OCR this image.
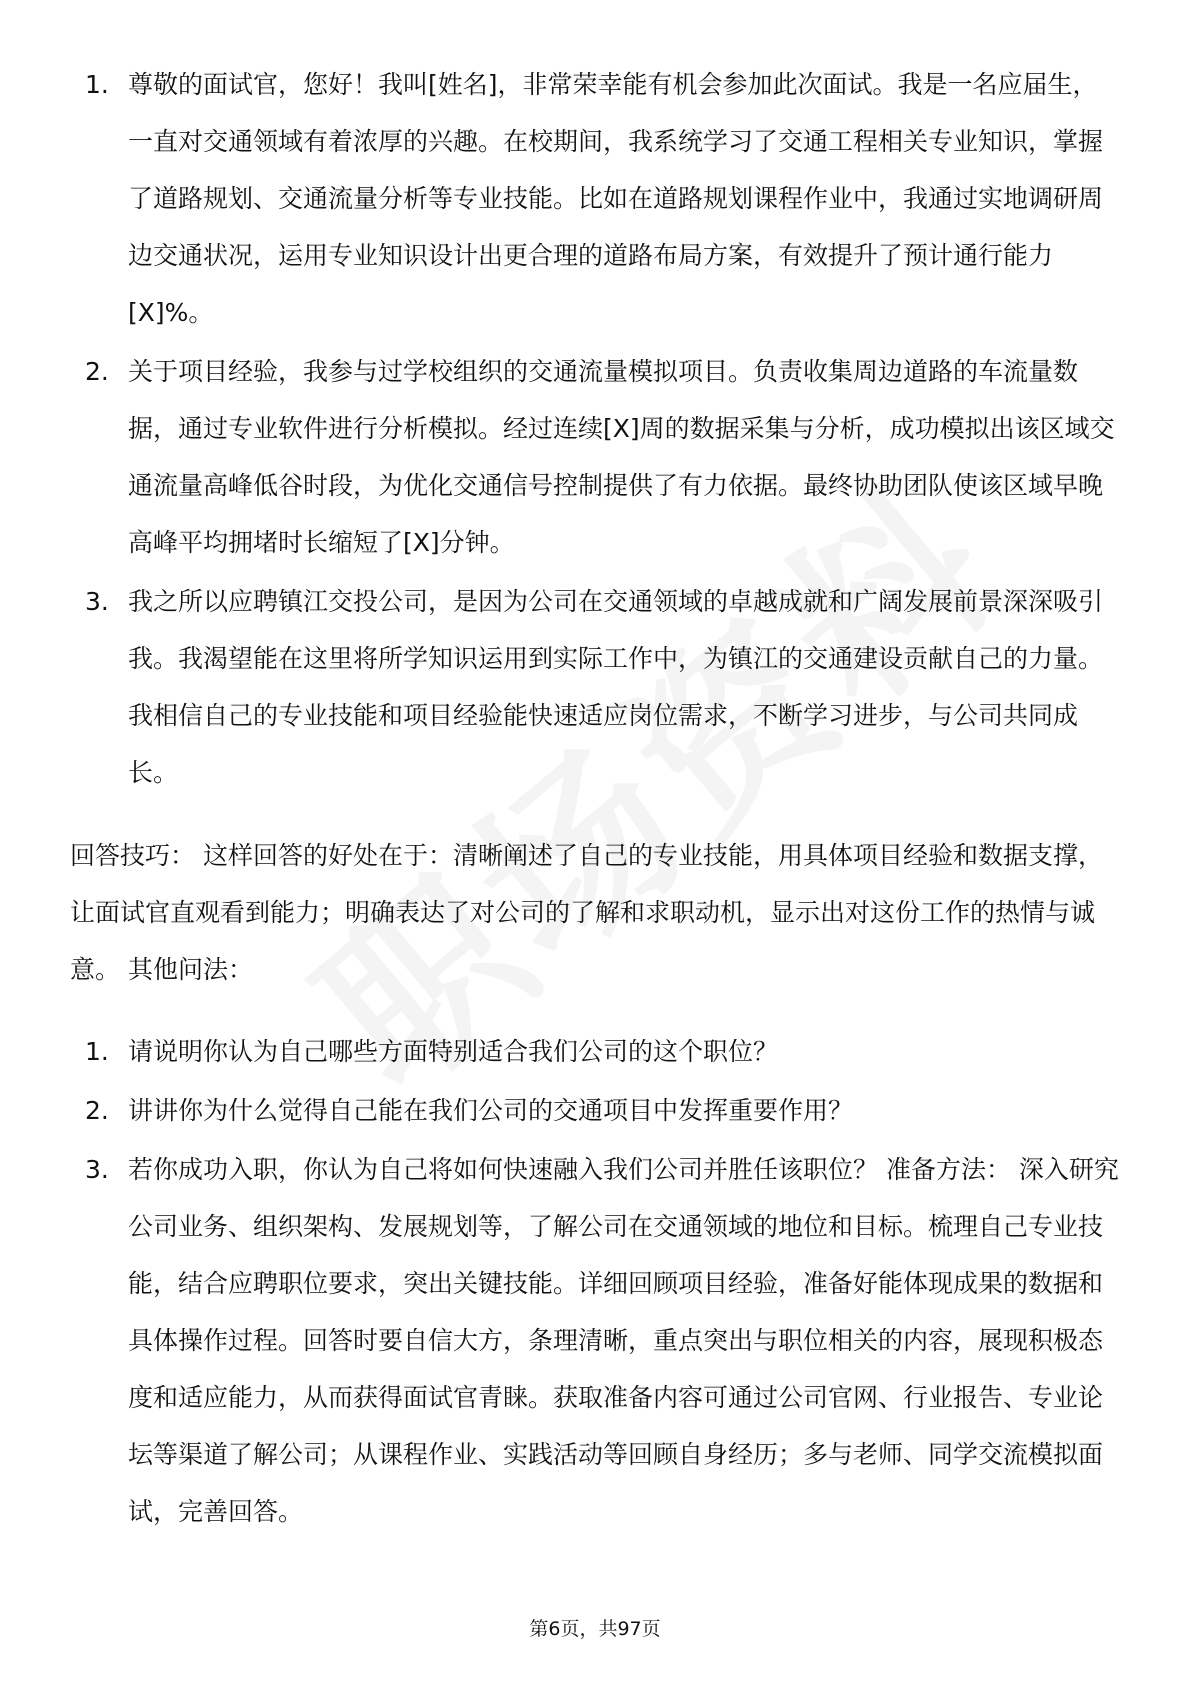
1. 尊敬的面试官，您好！我叫[姓名]，非常荣幸能有机会参加此次面试。我是一名应届生，一直对交通领域有着浓厚的兴趣。在校期间，我系统学习了交通工程相关专业知识，掌握了道路规划、交通流量分析等专业技能。比如在道路规划课程作业中，我通过实地调研周边交通状况，运用专业知识设计出更合理的道路布局方案，有效提升了预计通行能力[X]%。
2. 关于项目经验，我参与过学校组织的交通流量模拟项目。负责收集周边道路的车流量数据，通过专业软件进行分析模拟。经过连续[X]周的数据采集与分析，成功模拟出该区域交通流量高峰低谷时段，为优化交通信号控制提供了有力依据。最终协助团队使该区域早晚高峰平均拥堵时长缩短了[X]分钟。
3. 我之所以应聘镇江交投公司，是因为公司在交通领域的卓越成就和广阔发展前景深深吸引我。我渴望能在这里将所学知识运用到实际工作中，为镇江的交通建设贡献自己的力量。我相信自己的专业技能和项目经验能快速适应岗位需求，不断学习进步，与公司共同成长。

回答技巧： 这样回答的好处在于：清晰阐述了自己的专业技能，用具体项目经验和数据支撑，让面试官直观看到能力；明确表达了对公司的了解和求职动机，显示出对这份工作的热情与诚意。 其他问法：

1. 请说明你认为自己哪些方面特别适合我们公司的这个职位？
2. 讲讲你为什么觉得自己能在我们公司的交通项目中发挥重要作用？
3. 若你成功入职，你认为自己将如何快速融入我们公司并胜任该职位？ 准备方法： 深入研究公司业务、组织架构、发展规划等，了解公司在交通领域的地位和目标。梳理自己专业技能，结合应聘职位要求，突出关键技能。详细回顾项目经验，准备好能体现成果的数据和具体操作过程。回答时要自信大方，条理清晰，重点突出与职位相关的内容，展现积极态度和适应能力，从而获得面试官青睐。获取准备内容可通过公司官网、行业报告、专业论坛等渠道了解公司；从课程作业、实践活动等回顾自身经历；多与老师、同学交流模拟面试，完善回答。
第6页，共97页
